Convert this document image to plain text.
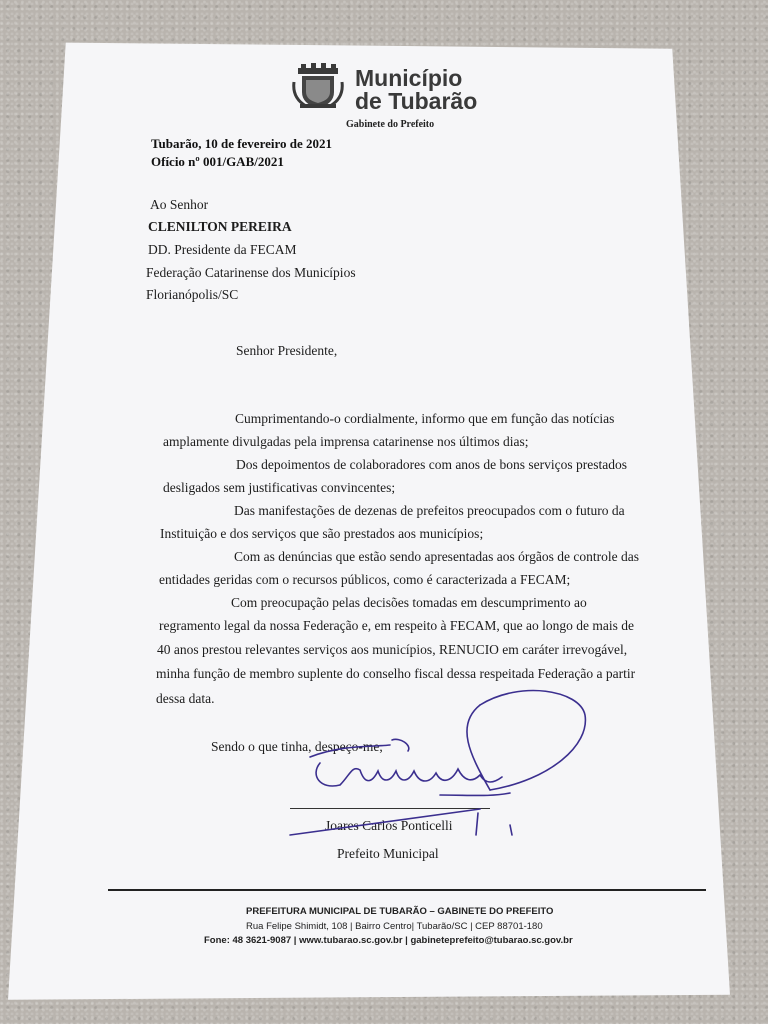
Município
de Tubarão
Gabinete do Prefeito
Tubarão, 10 de fevereiro de 2021
Ofício nº 001/GAB/2021
Ao Senhor
CLENILTON PEREIRA
DD. Presidente da FECAM
Federação Catarinense dos Municípios
Florianópolis/SC
Senhor Presidente,
Cumprimentando-o cordialmente, informo que em função das notícias
amplamente divulgadas pela imprensa catarinense nos últimos dias;
Dos depoimentos de colaboradores com anos de bons serviços prestados
desligados sem justificativas convincentes;
Das manifestações de dezenas de prefeitos preocupados com o futuro da
Instituição e dos serviços que são prestados aos municípios;
Com as denúncias que estão sendo apresentadas aos órgãos de controle das
entidades geridas com o recursos públicos, como é caracterizada a FECAM;
Com preocupação pelas decisões tomadas em descumprimento ao
regramento legal da nossa Federação e, em respeito à FECAM, que ao longo de mais de
40 anos prestou relevantes serviços aos municípios, RENUCIO em caráter irrevogável,
minha função de membro suplente do conselho fiscal dessa respeitada Federação a partir
dessa data.
Sendo o que tinha, despeço-me,
Joares Carlos Ponticelli
Prefeito Municipal
PREFEITURA MUNICIPAL DE TUBARÃO – GABINETE DO PREFEITO
Rua Felipe Shimidt, 108 | Bairro Centro| Tubarão/SC | CEP 88701-180
Fone: 48 3621-9087 | www.tubarao.sc.gov.br | gabineteprefeito@tubarao.sc.gov.br
